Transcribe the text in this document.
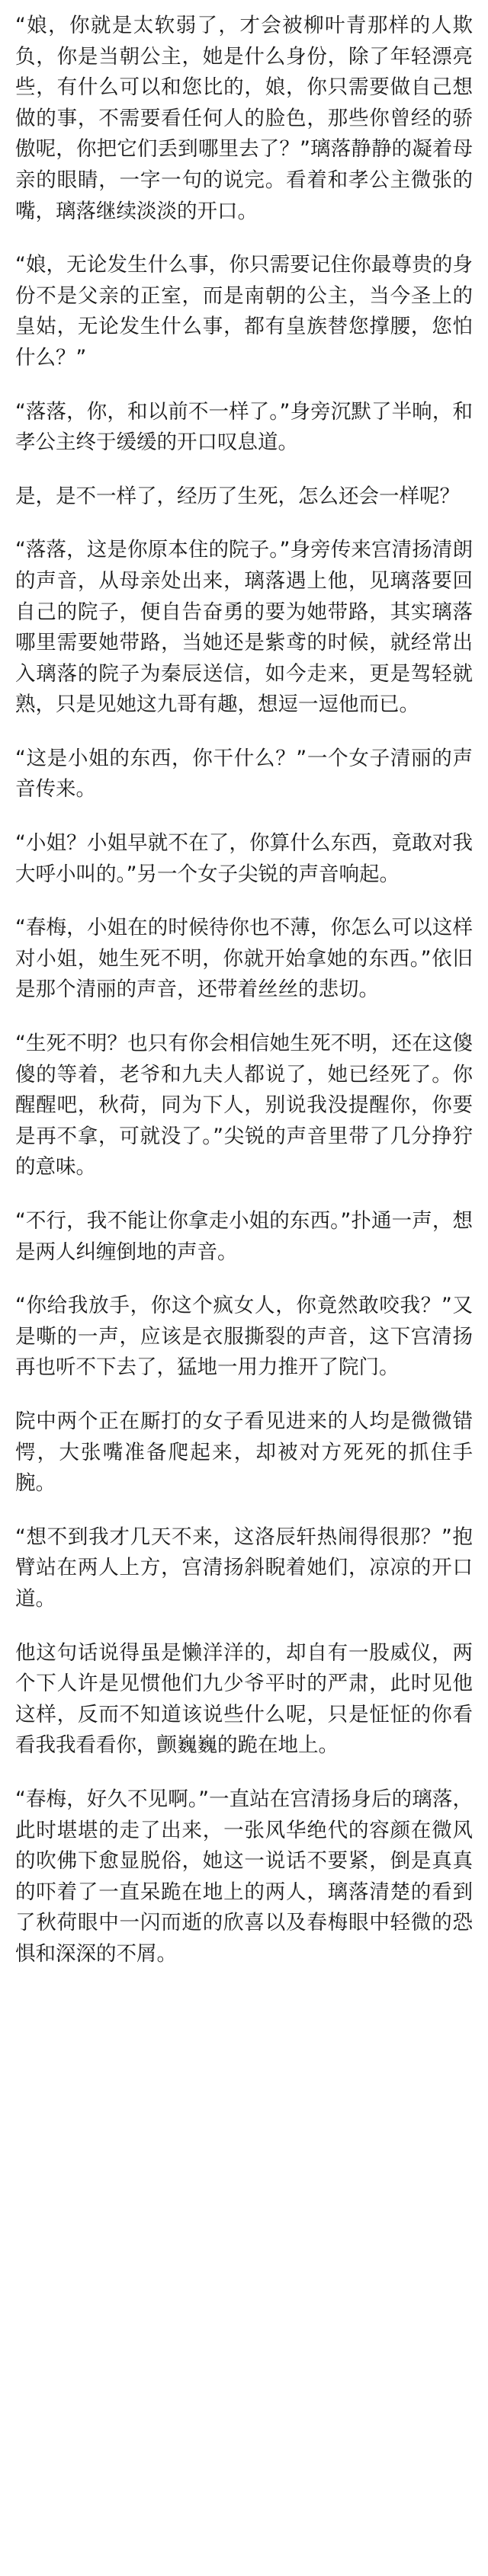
“娘，你就是太软弱了，才会被柳叶青那样的人欺负，你是当朝公主，她是什么身份，除了年轻漂亮些，有什么可以和您比的，娘，你只需要做自己想做的事，不需要看任何人的脸色，那些你曾经的骄傲呢，你把它们丢到哪里去了？”璃落静静的凝着母亲的眼睛，一字一句的说完。看着和孝公主微张的嘴，璃落继续淡淡的开口。

“娘，无论发生什么事，你只需要记住你最尊贵的身份不是父亲的正室，而是南朝的公主，当今圣上的皇姑，无论发生什么事，都有皇族替您撑腰，您怕什么？”

“落落，你，和以前不一样了。”身旁沉默了半晌，和孝公主终于缓缓的开口叹息道。

是，是不一样了，经历了生死，怎么还会一样呢？

“落落，这是你原本住的院子。”身旁传来宫清扬清朗的声音，从母亲处出来，璃落遇上他，见璃落要回自己的院子，便自告奋勇的要为她带路，其实璃落哪里需要她带路，当她还是紫鸢的时候，就经常出入璃落的院子为秦辰送信，如今走来，更是驾轻就熟，只是见她这九哥有趣，想逗一逗他而已。

“这是小姐的东西，你干什么？”一个女子清丽的声音传来。

“小姐？小姐早就不在了，你算什么东西，竟敢对我大呼小叫的。”另一个女子尖锐的声音响起。

“春梅，小姐在的时候待你也不薄，你怎么可以这样对小姐，她生死不明，你就开始拿她的东西。”依旧是那个清丽的声音，还带着丝丝的悲切。

“生死不明？也只有你会相信她生死不明，还在这傻傻的等着，老爷和九夫人都说了，她已经死了。你醒醒吧，秋荷，同为下人，别说我没提醒你，你要是再不拿，可就没了。”尖锐的声音里带了几分挣狞的意味。

“不行，我不能让你拿走小姐的东西。”扑通一声，想是两人纠缠倒地的声音。

“你给我放手，你这个疯女人，你竟然敢咬我？”又是嘶的一声，应该是衣服撕裂的声音，这下宫清扬再也听不下去了，猛地一用力推开了院门。

院中两个正在厮打的女子看见进来的人均是微微错愕，大张嘴准备爬起来，却被对方死死的抓住手腕。

“想不到我才几天不来，这洛辰轩热闹得很那？”抱臂站在两人上方，宫清扬斜睨着她们，凉凉的开口道。

他这句话说得虽是懒洋洋的，却自有一股威仪，两个下人许是见惯他们九少爷平时的严肃，此时见他这样，反而不知道该说些什么呢，只是怔怔的你看看我我看看你，颤巍巍的跪在地上。

“春梅，好久不见啊。”一直站在宫清扬身后的璃落，此时堪堪的走了出来，一张风华绝代的容颜在微风的吹佛下愈显脱俗，她这一说话不要紧，倒是真真的吓着了一直呆跪在地上的两人，璃落清楚的看到了秋荷眼中一闪而逝的欣喜以及春梅眼中轻微的恐惧和深深的不屑。
